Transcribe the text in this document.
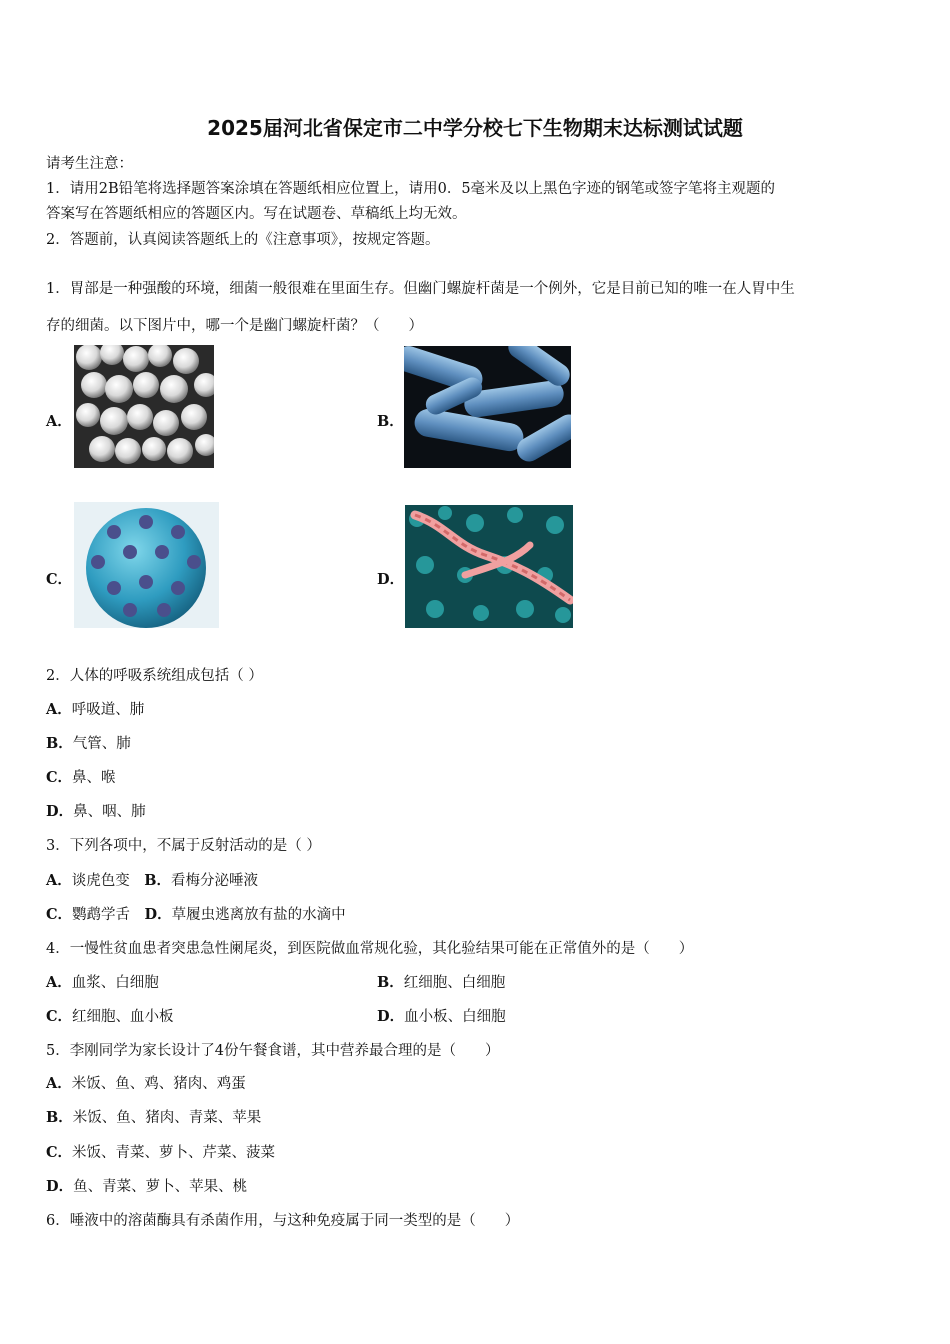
2025届河北省保定市二中学分校七下生物期末达标测试试题
请考生注意：
1．请用2B铅笔将选择题答案涂填在答题纸相应位置上，请用0．5毫米及以上黑色字迹的钢笔或签字笔将主观题的
答案写在答题纸相应的答题区内。写在试题卷、草稿纸上均无效。
2．答题前，认真阅读答题纸上的《注意事项》，按规定答题。
1．胃部是一种强酸的环境，细菌一般很难在里面生存。但幽门螺旋杆菌是一个例外，它是目前已知的唯一在人胃中生
存的细菌。以下图片中，哪一个是幽门螺旋杆菌？（　　）
A．	B．
C．	D．
2．人体的呼吸系统组成包括（ ）
A．呼吸道、肺
B．气管、肺
C．鼻、喉
D．鼻、咽、肺
3．下列各项中，不属于反射活动的是（ ）
A．谈虎色变　 B．看梅分泌唾液
C．鹦鹉学舌　 D．草履虫逃离放有盐的水滴中
4．一慢性贫血患者突患急性阑尾炎，到医院做血常规化验，其化验结果可能在正常值外的是（　　）
A．血浆、白细胞	B．红细胞、白细胞
C．红细胞、血小板	D．血小板、白细胞
5．李刚同学为家长设计了4份午餐食谱，其中营养最合理的是（　　）
A．米饭、鱼、鸡、猪肉、鸡蛋
B．米饭、鱼、猪肉、青菜、苹果
C．米饭、青菜、萝卜、芹菜、菠菜
D．鱼、青菜、萝卜、苹果、桃
6．唾液中的溶菌酶具有杀菌作用，与这种免疫属于同一类型的是（　　）
